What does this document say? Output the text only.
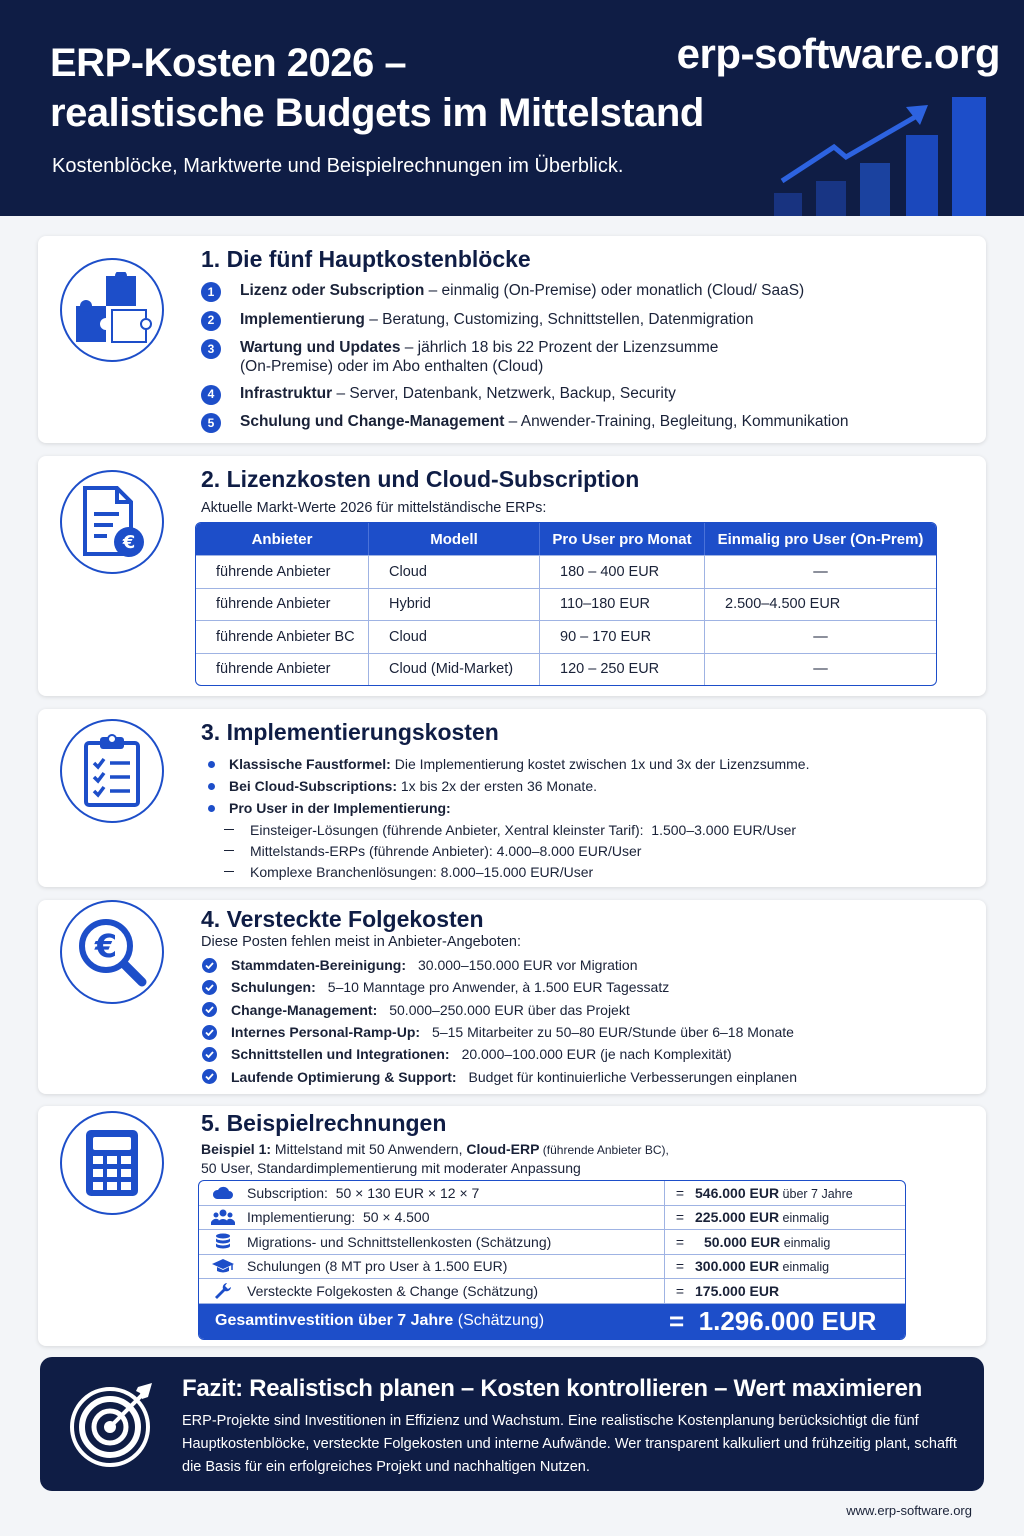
ERP-Kosten 2026 –
realistische Budgets im Mittelstand
Kostenblöcke, Marktwerte und Beispielrechnungen im Überblick.
erp-software.org
1. Die fünf Hauptkostenblöcke
1	Lizenz oder Subscription – einmalig (On-Premise) oder monatlich (Cloud/ SaaS)
2	Implementierung – Beratung, Customizing, Schnittstellen, Datenmigration
3	Wartung und Updates – jährlich 18 bis 22 Prozent der Lizenzsumme (On-Premise) oder im Abo enthalten (Cloud)
4	Infrastruktur – Server, Datenbank, Netzwerk, Backup, Security
5	Schulung und Change-Management – Anwender-Training, Begleitung, Kommunikation
€
2. Lizenzkosten und Cloud-Subscription
Aktuelle Markt-Werte 2026 für mittelständische ERPs:
Anbieter	Modell	Pro User pro Monat	Einmalig pro User (On-Prem)
führende Anbieter	Cloud	180 – 400 EUR	—
führende Anbieter	Hybrid	110–180 EUR	2.500–4.500 EUR
führende Anbieter BC	Cloud	90 – 170 EUR	—
führende Anbieter	Cloud (Mid-Market)	120 – 250 EUR	—
3. Implementierungskosten
Klassische Faustformel: Die Implementierung kostet zwischen 1x und 3x der Lizenzsumme.
Bei Cloud-Subscriptions: 1x bis 2x der ersten 36 Monate.
Pro User in der Implementierung:
Einsteiger-Lösungen (führende Anbieter, Xentral kleinster Tarif):  1.500–3.000 EUR/User
Mittelstands-ERPs (führende Anbieter): 4.000–8.000 EUR/User
Komplexe Branchenlösungen: 8.000–15.000 EUR/User
€
4. Versteckte Folgekosten
Diese Posten fehlen meist in Anbieter-Angeboten:
Stammdaten-Bereinigung: 30.000–150.000 EUR vor Migration
Schulungen: 5–10 Manntage pro Anwender, à 1.500 EUR Tagessatz
Change-Management: 50.000–250.000 EUR über das Projekt
Internes Personal-Ramp-Up: 5–15 Mitarbeiter zu 50–80 EUR/Stunde über 6–18 Monate
Schnittstellen und Integrationen: 20.000–100.000 EUR (je nach Komplexität)
Laufende Optimierung & Support: Budget für kontinuierliche Verbesserungen einplanen
5. Beispielrechnungen
Beispiel 1: Mittelstand mit 50 Anwendern, Cloud-ERP (führende Anbieter BC),
50 User, Standardimplementierung mit moderater Anpassung
Subscription:  50 × 130 EUR × 12 × 7	= 546.000 EUR über 7 Jahre
Implementierung:  50 × 4.500	= 225.000 EUR einmalig
Migrations- und Schnittstellenkosten (Schätzung)	=	50.000 EUR einmalig
Schulungen (8 MT pro User à 1.500 EUR)	= 300.000 EUR einmalig
Versteckte Folgekosten & Change (Schätzung)	= 175.000 EUR
Gesamtinvestition über 7 Jahre (Schätzung)	= 1.296.000 EUR
Fazit: Realistisch planen – Kosten kontrollieren – Wert maximieren
ERP-Projekte sind Investitionen in Effizienz und Wachstum. Eine realistische Kostenplanung berücksichtigt die fünf Hauptkostenblöcke, versteckte Folgekosten und interne Aufwände. Wer transparent kalkuliert und frühzeitig plant, schafft die Basis für ein erfolgreiches Projekt und nachhaltigen Nutzen.
www.erp-software.org
